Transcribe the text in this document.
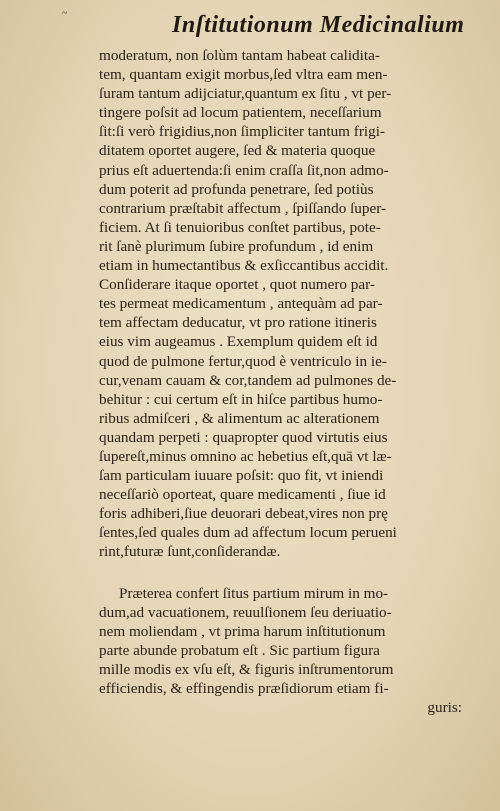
~	Inſtitutionum Medicinalium
moderatum, non ſolùm tantam habeat calidita-
tem, quantam exigit morbus,ſed vltra eam men-
ſuram tantum adijciatur,quantum ex ſitu , vt per-
tingere poſsit ad locum patientem, neceſſarium
ſit:ſi verò frigidius,non ſimpliciter tantum frigi-
ditatem oportet augere, ſed & materia quoque
prius eſt aduertenda:ſi enim craſſa ſit,non admo-
dum poterit ad profunda penetrare, ſed potiùs
contrarium præſtabit affectum , ſpiſſando ſuper-
ficiem. At ſi tenuioribus conſtet partibus, pote-
rit ſanè plurimum ſubire profundum , id enim
etiam in humectantibus & exſiccantibus accidit.
Conſiderare itaque oportet , quot numero par-
tes permeat medicamentum , antequàm ad par-
tem affectam deducatur, vt pro ratione itineris
eius vim augeamus . Exemplum quidem eſt id
quod de pulmone fertur,quod è ventriculo in ie-
cur,venam cauam & cor,tandem ad pulmones de-
behitur : cui certum eſt in hiſce partibus humo-
ribus admiſceri , & alimentum ac alterationem
quandam perpeti : quapropter quod virtutis eius
ſupereſt,minus omnino ac hebetius eſt,quā vt læ-
ſam particulam iuuare poſsit: quo fit, vt iniendi
neceſſariò oporteat, quare medicamenti , ſiue id
foris adhiberi,ſiue deuorari debeat,vires non prę
ſentes,ſed quales dum ad affectum locum perueni
rint,futuræ ſunt,conſiderandæ.
Præterea confert ſitus partium mirum in mo-
dum,ad vacuationem, reuulſionem ſeu deriuatio-
nem moliendam , vt prima harum inſtitutionum
parte abunde probatum eſt . Sic partium figura
mille modis ex vſu eſt, & figuris inſtrumentorum
efficiendis, & effingendis præſidiorum etiam fi-
guris:
